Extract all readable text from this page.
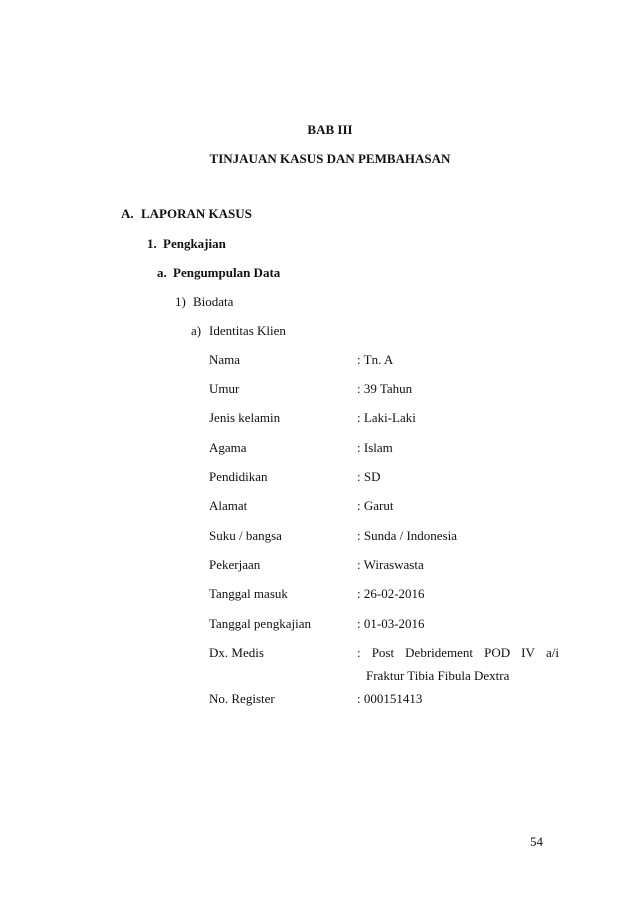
BAB III
TINJAUAN KASUS DAN PEMBAHASAN
A. LAPORAN KASUS
1. Pengkajian
a. Pengumpulan Data
1) Biodata
a) Identitas Klien
Nama	: Tn. A
Umur	: 39 Tahun
Jenis kelamin	: Laki-Laki
Agama	: Islam
Pendidikan	: SD
Alamat	: Garut
Suku / bangsa	: Sunda / Indonesia
Pekerjaan	: Wiraswasta
Tanggal masuk	: 26-02-2016
Tanggal pengkajian	: 01-03-2016
Dx. Medis	: Post Debridement POD IV a/i
Fraktur Tibia Fibula Dextra
No. Register	: 000151413
54
